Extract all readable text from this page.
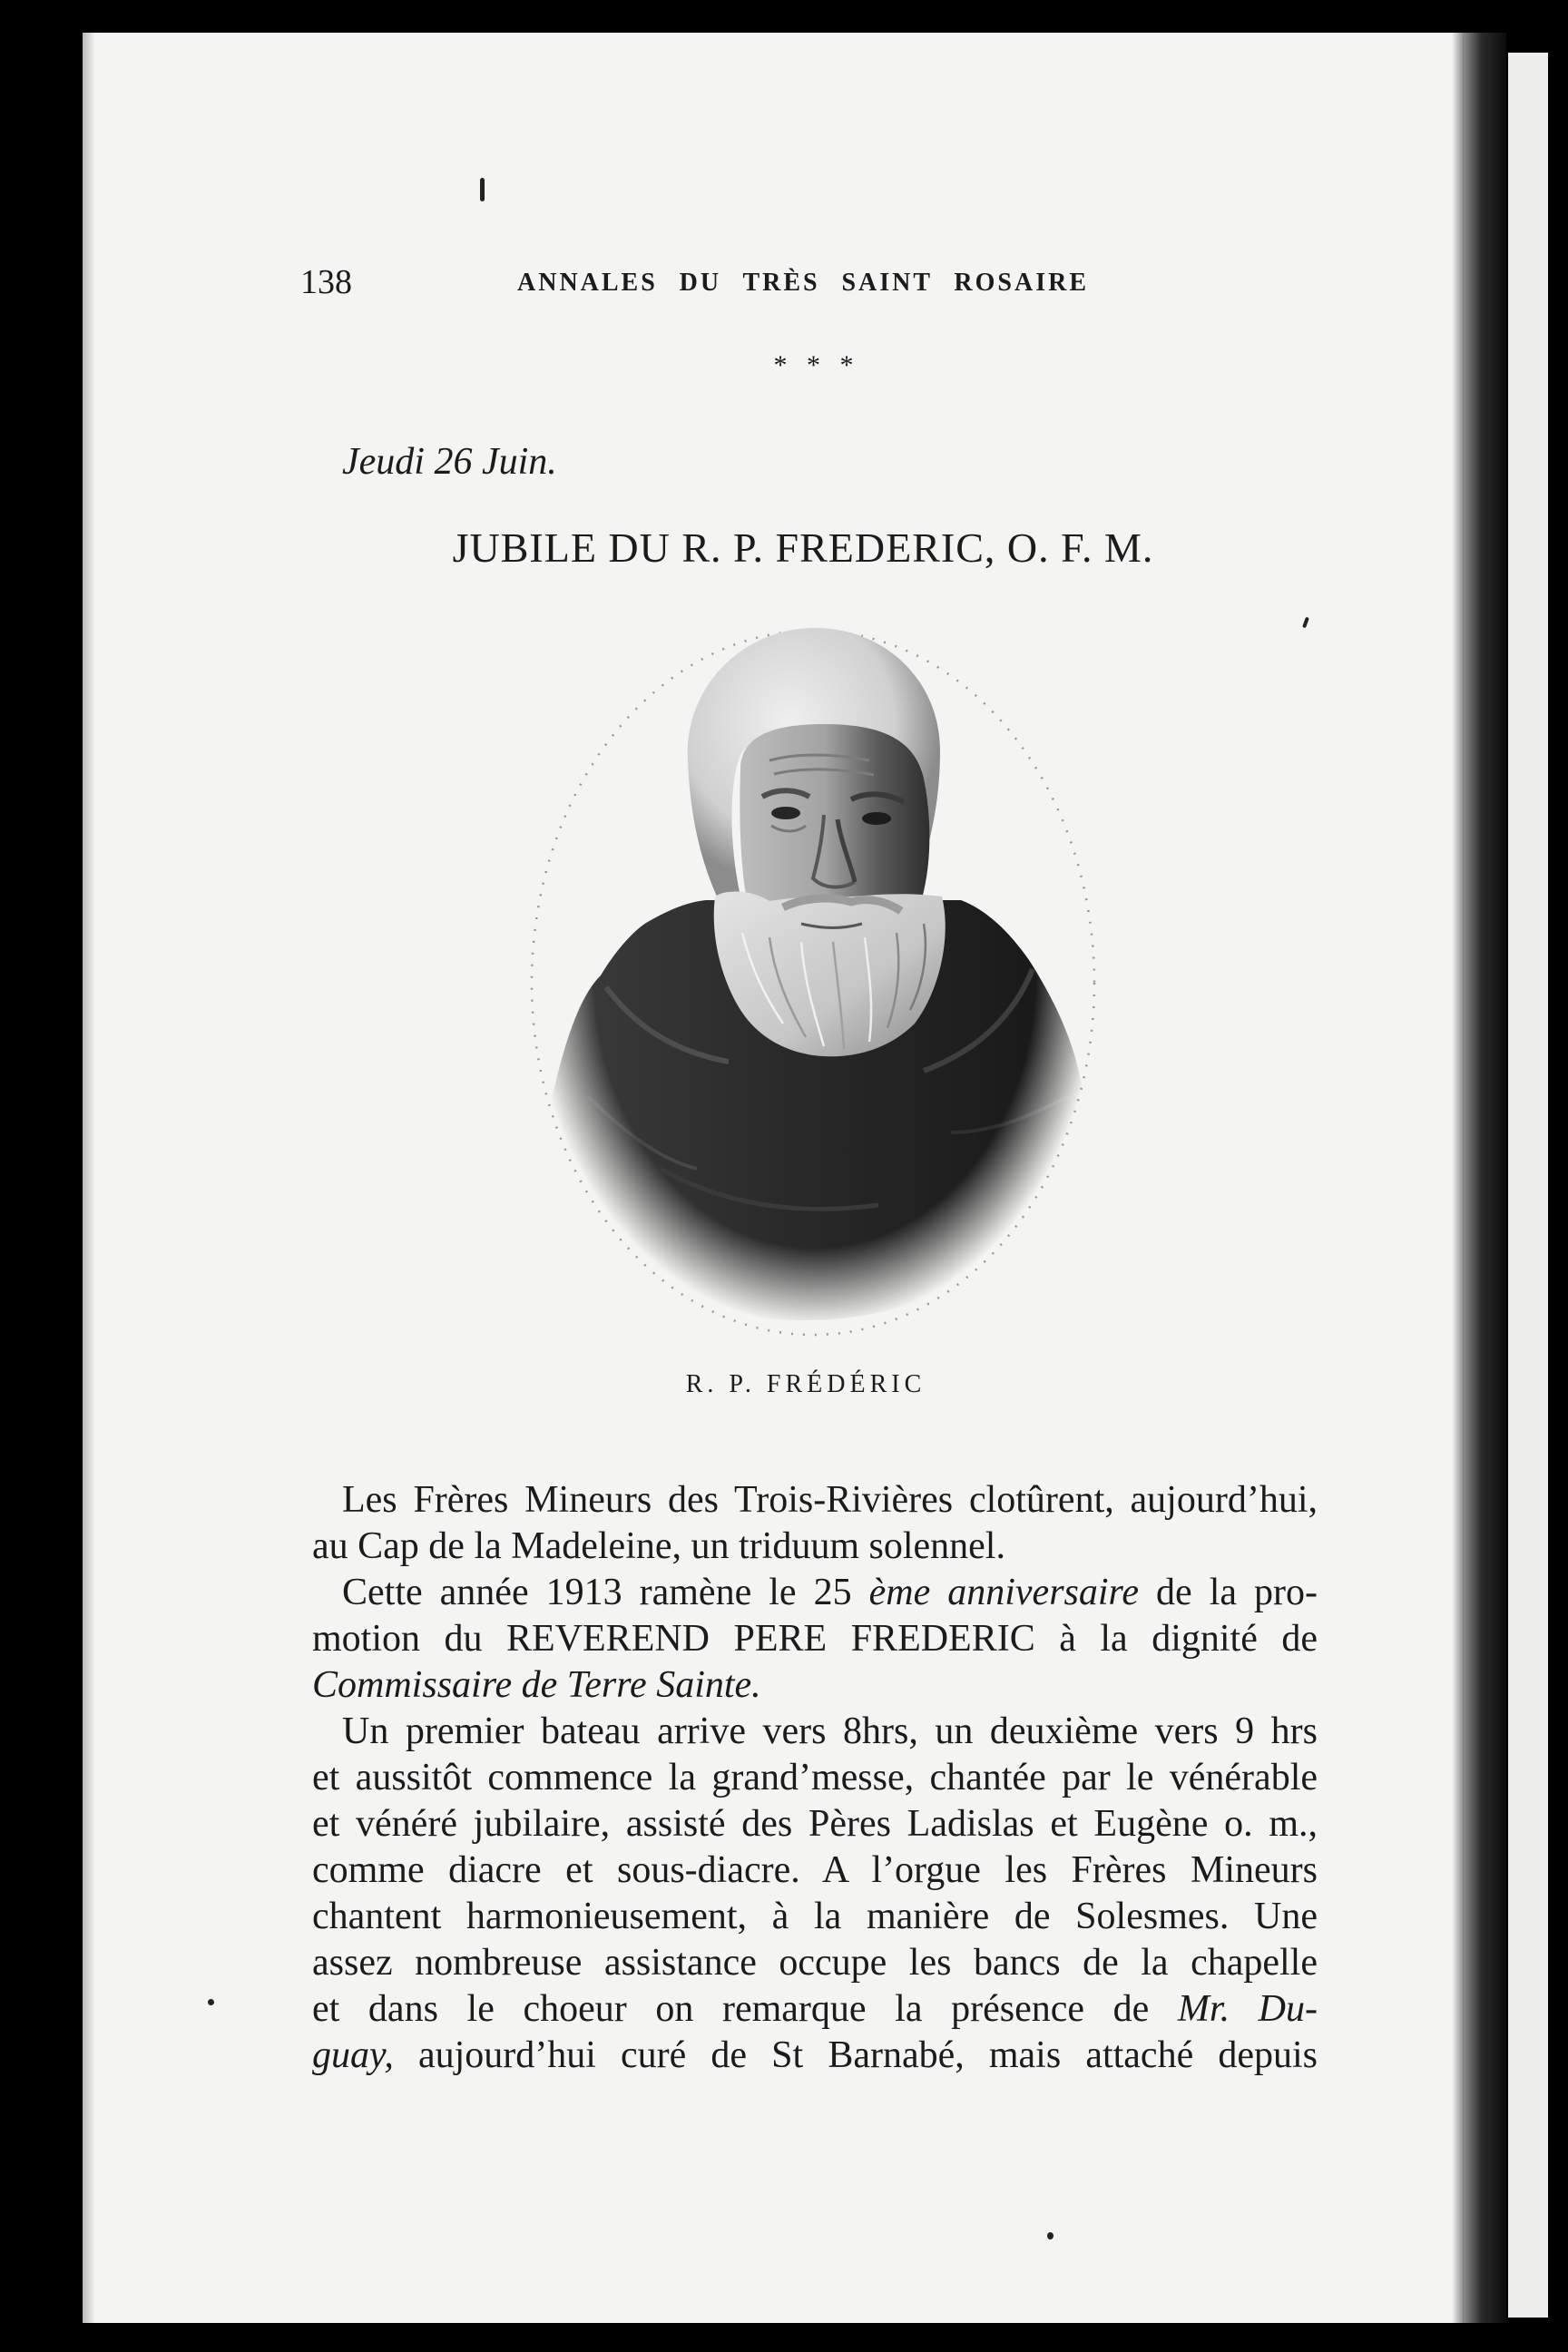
138	ANNALES DU TRÈS SAINT ROSAIRE
* * *
Jeudi 26 Juin.
JUBILE DU R. P. FREDERIC, O. F. M.
R. P. FRÉDÉRIC
Les Frères Mineurs des Trois-Rivières clotûrent, aujourd’hui,
au Cap de la Madeleine, un triduum solennel.
Cette année 1913 ramène le 25 ème anniversaire de la pro-
motion du REVEREND PERE FREDERIC à la dignité de
Commissaire de Terre Sainte.
Un premier bateau arrive vers 8hrs, un deuxième vers 9 hrs
et aussitôt commence la grand’messe, chantée par le vénérable
et vénéré jubilaire, assisté des Pères Ladislas et Eugène o. m.,
comme diacre et sous-diacre. A l’orgue les Frères Mineurs
chantent harmonieusement, à la manière de Solesmes. Une
assez nombreuse assistance occupe les bancs de la chapelle
et dans le choeur on remarque la présence de Mr. Du-
guay, aujourd’hui curé de St Barnabé, mais attaché depuis
